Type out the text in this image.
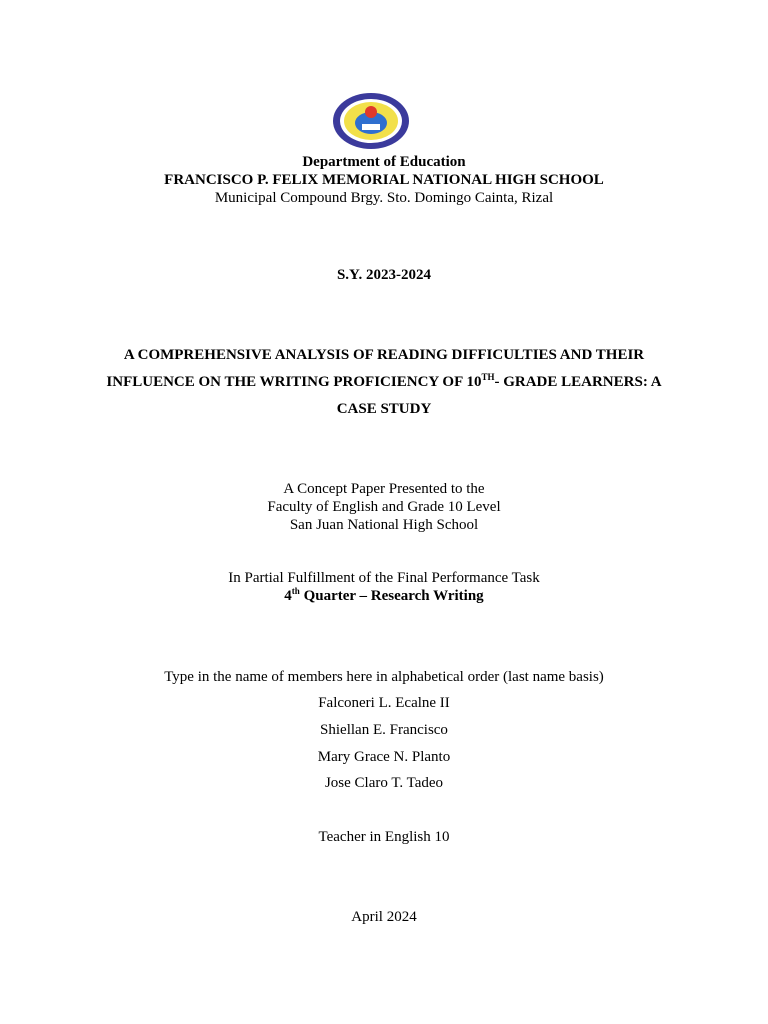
Department of Education
FRANCISCO P. FELIX MEMORIAL NATIONAL HIGH SCHOOL
Municipal Compound Brgy. Sto. Domingo Cainta, Rizal
S.Y. 2023-2024
A COMPREHENSIVE ANALYSIS OF READING DIFFICULTIES AND THEIR
INFLUENCE ON THE WRITING PROFICIENCY OF 10TH- GRADE LEARNERS: A
CASE STUDY
A Concept Paper Presented to the
Faculty of English and Grade 10 Level
San Juan National High School
In Partial Fulfillment of the Final Performance Task
4th Quarter – Research Writing
Type in the name of members here in alphabetical order (last name basis)
Falconeri L. Ecalne II
Shiellan E. Francisco
Mary Grace N. Planto
Jose Claro T. Tadeo
Teacher in English 10
April 2024
